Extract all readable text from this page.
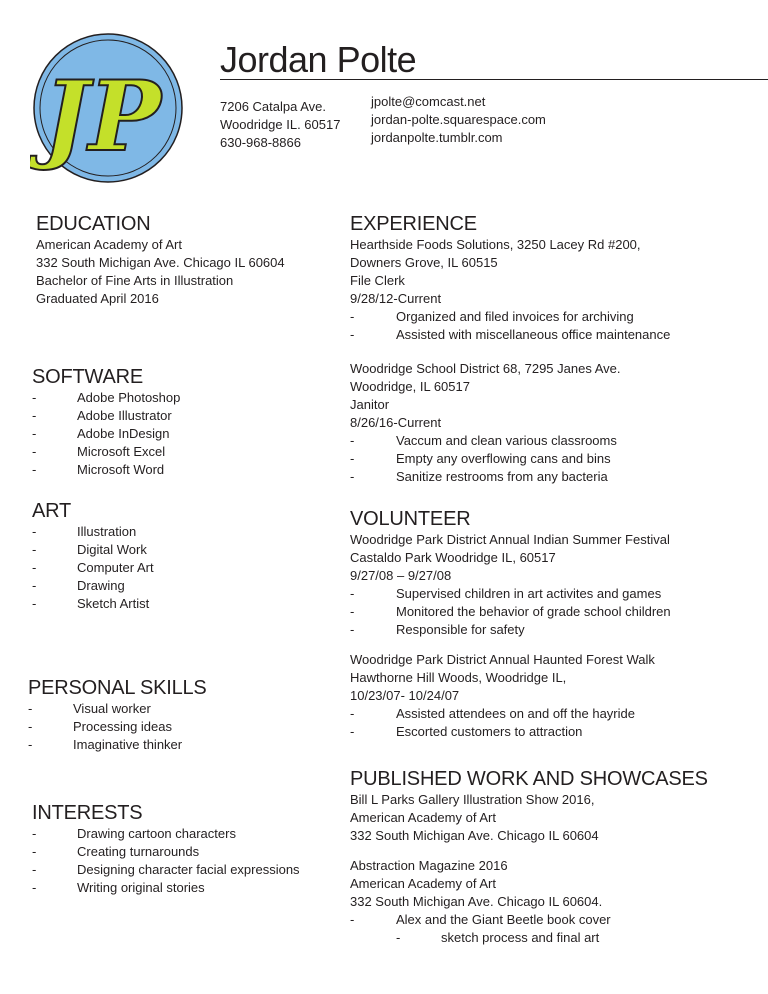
JP
Jordan Polte
7206 Catalpa Ave.
Woodridge IL. 60517
630-968-8866
jpolte@comcast.net
jordan-polte.squarespace.com
jordanpolte.tumblr.com
EDUCATION
American Academy of Art
332 South Michigan Ave. Chicago IL 60604
Bachelor of Fine Arts in Illustration
Graduated April 2016
SOFTWARE
-	Adobe Photoshop
-	Adobe Illustrator
-	Adobe InDesign
-	Microsoft Excel
-	Microsoft Word
ART
-	Illustration
-	Digital Work
-	Computer Art
-	Drawing
-	Sketch Artist
PERSONAL SKILLS
-	Visual worker
-	Processing ideas
-	Imaginative thinker
INTERESTS
-	Drawing cartoon characters
-	Creating turnarounds
-	Designing character facial expressions
-	Writing original stories
EXPERIENCE
Hearthside Foods Solutions, 3250 Lacey Rd #200,
Downers Grove, IL 60515
File Clerk
9/28/12-Current
-	Organized and filed invoices for archiving
-	Assisted with miscellaneous office maintenance
Woodridge School District 68, 7295 Janes Ave.
Woodridge, IL 60517
Janitor
8/26/16-Current
-	Vaccum and clean various classrooms
-	Empty any overflowing cans and bins
-	Sanitize restrooms from any bacteria
VOLUNTEER
Woodridge Park District Annual Indian Summer Festival
Castaldo Park Woodridge IL, 60517
9/27/08 – 9/27/08
-	Supervised children in art activites and games
-	Monitored the behavior of grade school children
-	Responsible for safety
Woodridge Park District Annual Haunted Forest Walk
Hawthorne Hill Woods, Woodridge IL,
10/23/07- 10/24/07
-	Assisted attendees on and off the hayride
-	Escorted customers to attraction
PUBLISHED WORK AND SHOWCASES
Bill L Parks Gallery Illustration Show 2016,
American Academy of Art
332 South Michigan Ave. Chicago IL 60604
Abstraction Magazine 2016
American Academy of Art
332 South Michigan Ave. Chicago IL 60604.
-	Alex and the Giant Beetle book cover
-	sketch process and final art
